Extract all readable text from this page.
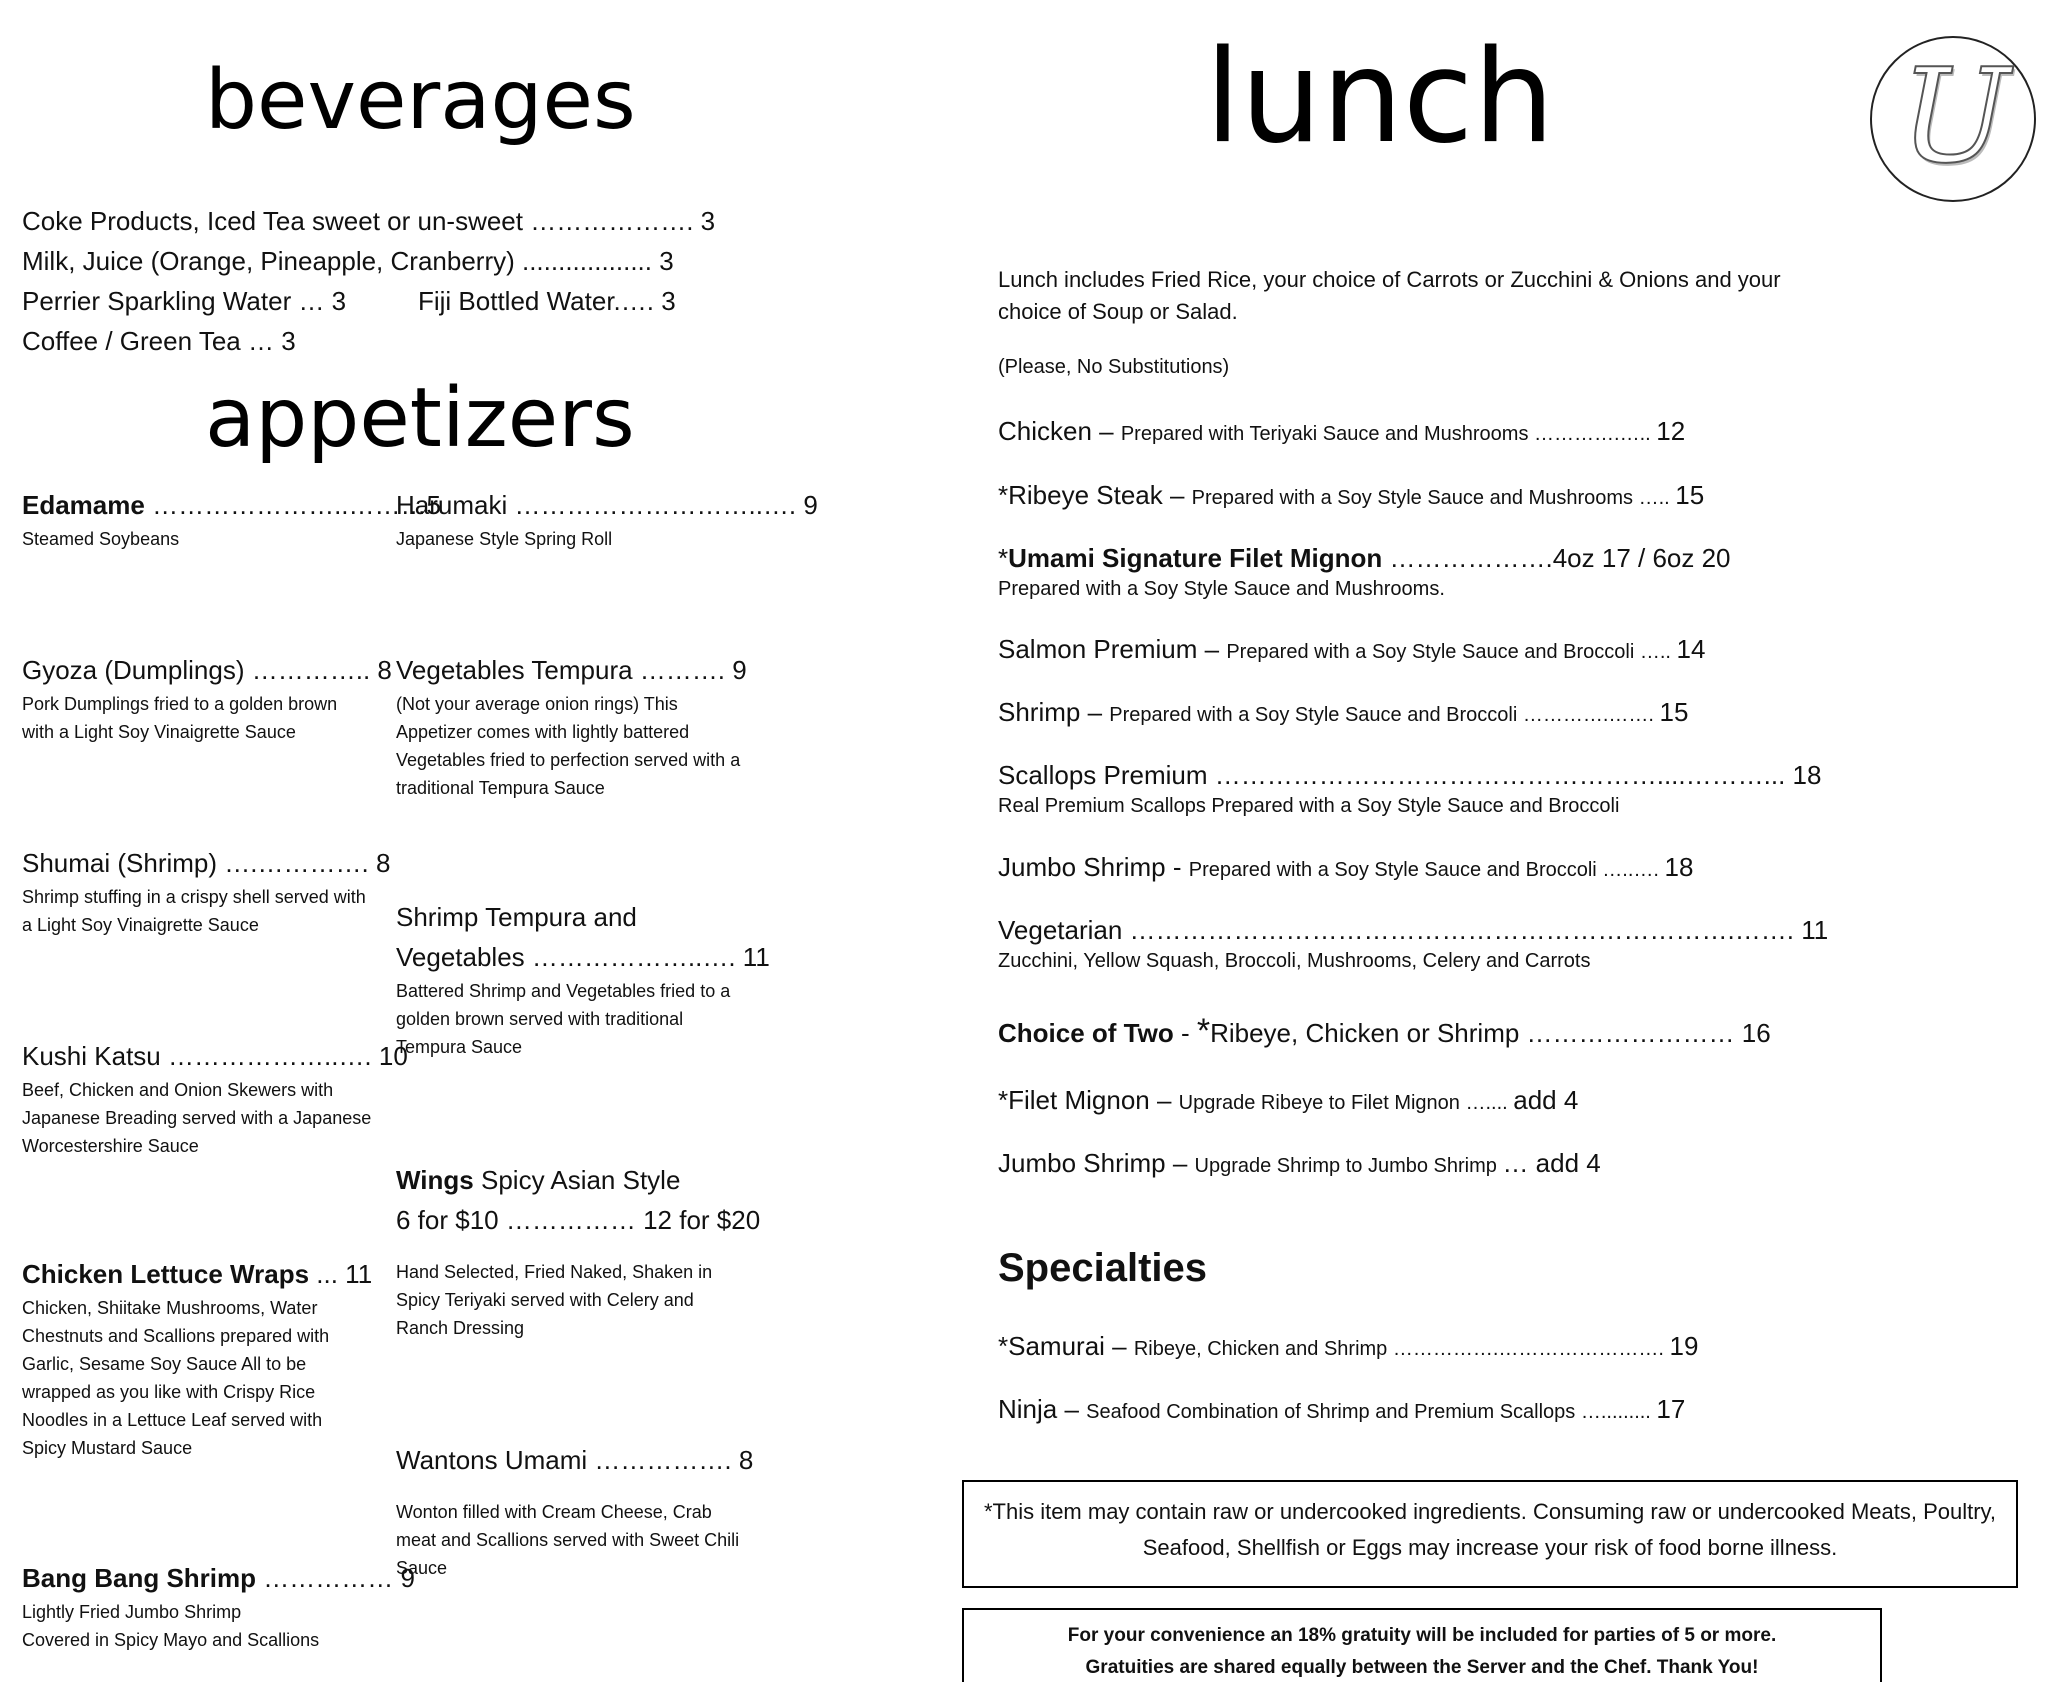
beverages
Coke Products, Iced Tea sweet or un-sweet ………………. 3
Milk, Juice (Orange, Pineapple, Cranberry) .................. 3
Perrier Sparkling Water … 3	Fiji Bottled Water.…. 3
Coffee / Green Tea … 3
appetizers
Edamame …………………..………5
Steamed Soybeans
Gyoza (Dumplings) ………….. 8
Pork Dumplings fried to a golden brown with a Light Soy Vinaigrette Sauce
Shumai (Shrimp) ….…………. 8
Shrimp stuffing in a crispy shell served with a Light Soy Vinaigrette Sauce
Kushi Katsu ………………..…. 10
Beef, Chicken and Onion Skewers with Japanese Breading served with a Japanese Worcestershire Sauce
Chicken Lettuce Wraps ... 11
Chicken, Shiitake Mushrooms, Water Chestnuts and Scallions prepared with Garlic, Sesame Soy Sauce All to be wrapped as you like with Crispy Rice Noodles in a Lettuce Leaf served with Spicy Mustard Sauce
Bang Bang Shrimp …………… 9
Lightly Fried Jumbo Shrimp
Covered in Spicy Mayo and Scallions
Harumaki ………………………..…. 9
Japanese Style Spring Roll
Vegetables Tempura ………. 9
(Not your average onion rings) This Appetizer comes with lightly battered Vegetables fried to perfection served with a traditional Tempura Sauce
Shrimp Tempura and
Vegetables ………………..…. 11
Battered Shrimp and Vegetables fried to a golden brown served with traditional Tempura Sauce
Wings Spicy Asian Style
6 for $10 …………… 12 for $20
Hand Selected, Fried Naked, Shaken in Spicy Teriyaki served with Celery and Ranch Dressing
Wantons Umami ……………. 8
Wonton filled with Cream Cheese, Crab meat and Scallions served with Sweet Chili Sauce
lunch	U
Lunch includes Fried Rice, your choice of Carrots or Zucchini & Onions and your choice of Soup or Salad.
(Please, No Substitutions)
Chicken – Prepared with Teriyaki Sauce and Mushrooms ………….….. 12
*Ribeye Steak – Prepared with a Soy Style Sauce and Mushrooms ….. 15
*Umami Signature Filet Mignon ……………….4oz 17 / 6oz 20
Prepared with a Soy Style Sauce and Mushrooms.
Salmon Premium – Prepared with a Soy Style Sauce and Broccoli ….. 14
Shrimp – Prepared with a Soy Style Sauce and Broccoli ………….……. 15
Scallops Premium ……………………………………………....………... 18
Real Premium Scallops Prepared with a Soy Style Sauce and Broccoli
Jumbo Shrimp - Prepared with a Soy Style Sauce and Broccoli …..…. 18
Vegetarian …………………………………………………………….……. 11
Zucchini, Yellow Squash, Broccoli, Mushrooms, Celery and Carrots
Choice of Two - *Ribeye, Chicken or Shrimp …………………… 16
*Filet Mignon – Upgrade Ribeye to Filet Mignon ….... add 4
Jumbo Shrimp – Upgrade Shrimp to Jumbo Shrimp … add 4
Specialties
*Samurai – Ribeye, Chicken and Shrimp …………….……………………. 19
Ninja – Seafood Combination of Shrimp and Premium Scallops …......... 17
*This item may contain raw or undercooked ingredients. Consuming raw or undercooked Meats, Poultry, Seafood, Shellfish or Eggs may increase your risk of food borne illness.
For your convenience an 18% gratuity will be included for parties of 5 or more.
Gratuities are shared equally between the Server and the Chef. Thank You!
